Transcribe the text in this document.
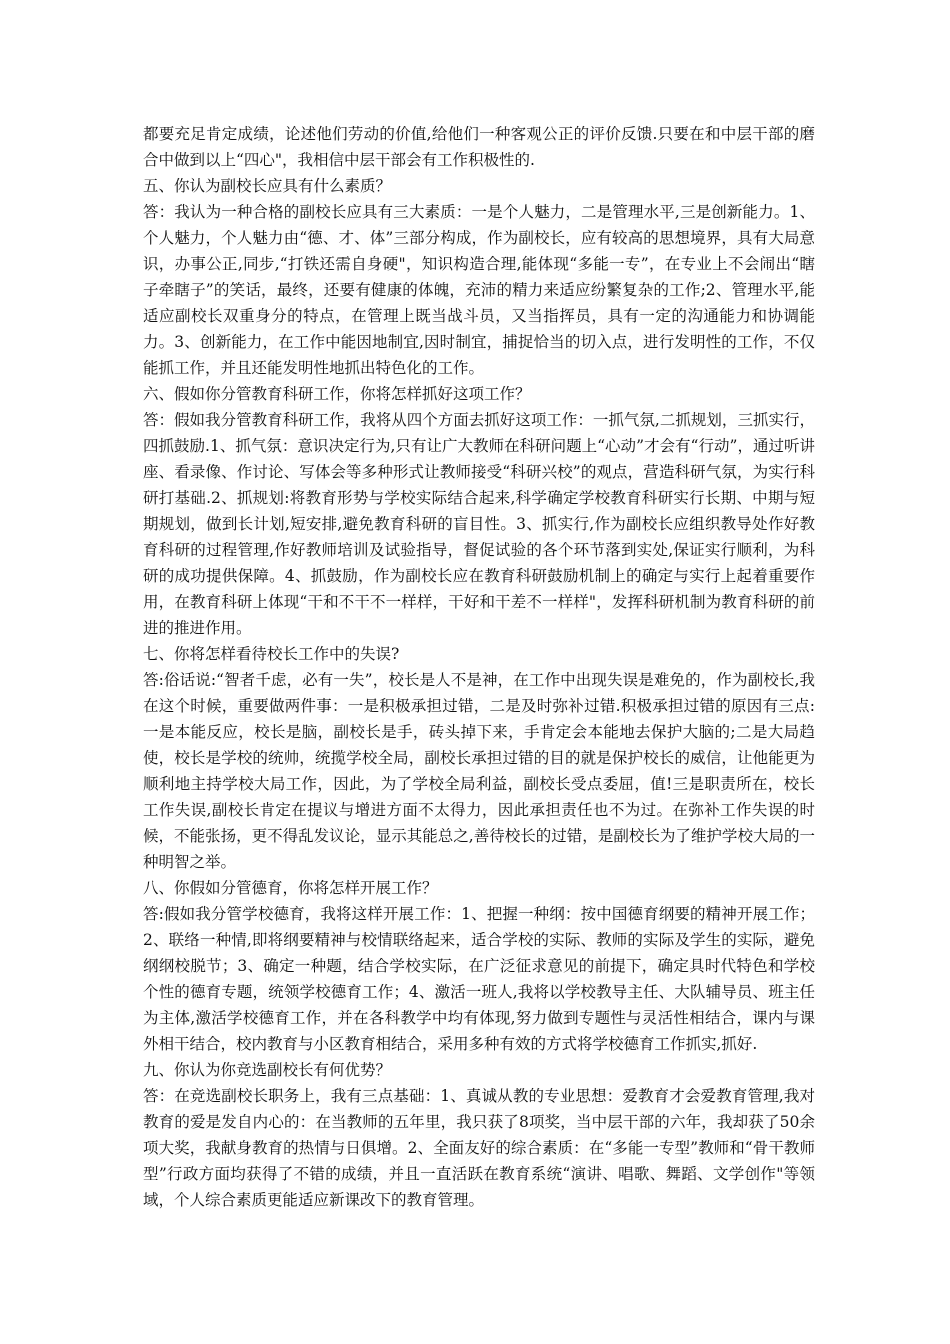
都要充足肯定成绩，论述他们劳动的价值,给他们一种客观公正的评价反馈.只要在和中层干部的磨合中做到以上“四心"，我相信中层干部会有工作积极性的.

五、你认为副校长应具有什么素质？

答：我认为一种合格的副校长应具有三大素质：一是个人魅力，二是管理水平,三是创新能力。1、个人魅力，个人魅力由“德、才、体”三部分构成，作为副校长，应有较高的思想境界，具有大局意识，办事公正,同步,“打铁还需自身硬"，知识构造合理,能体现“多能一专”，在专业上不会闹出“瞎子牵瞎子”的笑话，最终，还要有健康的体魄，充沛的精力来适应纷繁复杂的工作;2、管理水平,能适应副校长双重身分的特点，在管理上既当战斗员，又当指挥员，具有一定的沟通能力和协调能力。3、创新能力，在工作中能因地制宜,因时制宜，捕捉恰当的切入点，进行发明性的工作，不仅能抓工作，并且还能发明性地抓出特色化的工作。

六、假如你分管教育科研工作，你将怎样抓好这项工作？

答：假如我分管教育科研工作，我将从四个方面去抓好这项工作：一抓气氛,二抓规划，三抓实行，四抓鼓励.1、抓气氛：意识决定行为,只有让广大教师在科研问题上“心动”才会有“行动”，通过听讲座、看录像、作讨论、写体会等多种形式让教师接受“科研兴校”的观点，营造科研气氛，为实行科研打基础.2、抓规划:将教育形势与学校实际结合起来,科学确定学校教育科研实行长期、中期与短期规划，做到长计划,短安排,避免教育科研的盲目性。3、抓实行,作为副校长应组织教导处作好教育科研的过程管理,作好教师培训及试验指导，督促试验的各个环节落到实处,保证实行顺利，为科研的成功提供保障。4、抓鼓励，作为副校长应在教育科研鼓励机制上的确定与实行上起着重要作用，在教育科研上体现“干和不干不一样样，干好和干差不一样样"，发挥科研机制为教育科研的前进的推进作用。

七、你将怎样看待校长工作中的失误?

答:俗话说:“智者千虑，必有一失”，校长是人不是神，在工作中出现失误是难免的，作为副校长,我在这个时候，重要做两件事：一是积极承担过错，二是及时弥补过错.积极承担过错的原因有三点:一是本能反应，校长是脑，副校长是手，砖头掉下来，手肯定会本能地去保护大脑的;二是大局趋使，校长是学校的统帅，统揽学校全局，副校长承担过错的目的就是保护校长的威信，让他能更为顺利地主持学校大局工作，因此，为了学校全局利益，副校长受点委屈，值!三是职责所在，校长工作失误,副校长肯定在提议与增进方面不太得力，因此承担责任也不为过。在弥补工作失误的时候，不能张扬，更不得乱发议论，显示其能总之,善待校长的过错，是副校长为了维护学校大局的一种明智之举。

八、你假如分管德育，你将怎样开展工作？

答:假如我分管学校德育，我将这样开展工作：1、把握一种纲：按中国德育纲要的精神开展工作；2、联络一种情,即将纲要精神与校情联络起来，适合学校的实际、教师的实际及学生的实际，避免纲纲校脱节；3、确定一种题，结合学校实际，在广泛征求意见的前提下，确定具时代特色和学校个性的德育专题，统领学校德育工作；4、激活一班人,我将以学校教导主任、大队辅导员、班主任为主体,激活学校德育工作，并在各科教学中均有体现,努力做到专题性与灵活性相结合，课内与课外相干结合，校内教育与小区教育相结合，采用多种有效的方式将学校德育工作抓实,抓好.

九、你认为你竞选副校长有何优势？

答：在竞选副校长职务上，我有三点基础：1、真诚从教的专业思想：爱教育才会爱教育管理,我对教育的爱是发自内心的：在当教师的五年里，我只获了8项奖，当中层干部的六年，我却获了50余项大奖，我献身教育的热情与日俱增。2、全面友好的综合素质：在“多能一专型”教师和“骨干教师型”行政方面均获得了不错的成绩，并且一直活跃在教育系统“演讲、唱歌、舞蹈、文学创作"等领域，个人综合素质更能适应新课改下的教育管理。
